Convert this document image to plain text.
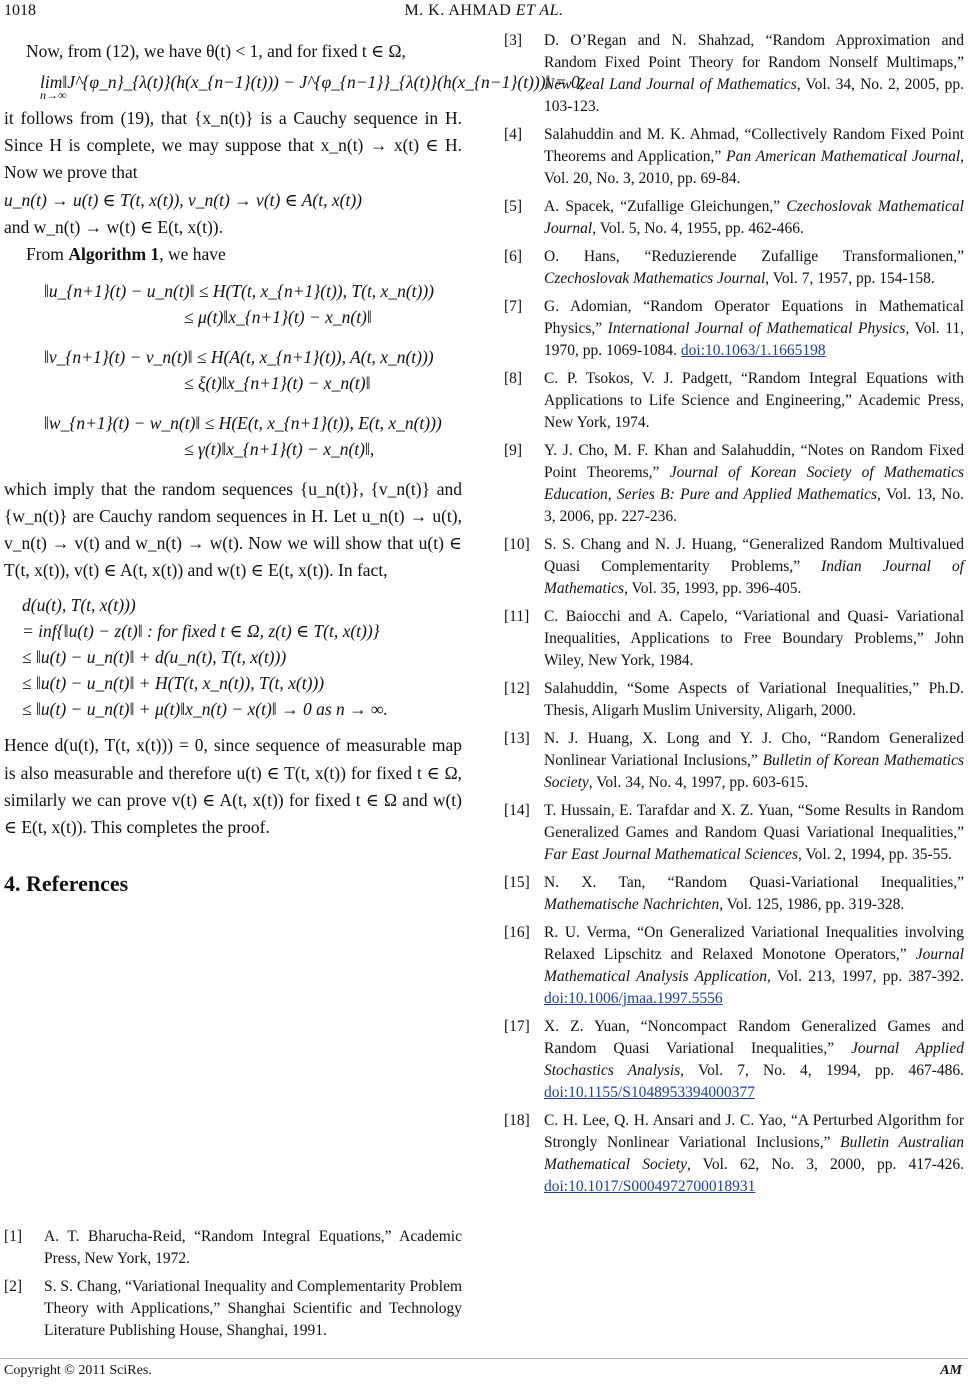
1018	M. K. AHMAD ET AL.

Now, from (12), we have θ(t) < 1, and for fixed t ∈ Ω,

lim‖J^{φ_n}_{λ(t)}(h(x_{n−1}(t))) − J^{φ_{n−1}}_{λ(t)}(h(x_{n−1}(t)))‖ = 0,
n→∞

it follows from (19), that {x_n(t)} is a Cauchy sequence in H. Since H is complete, we may suppose that x_n(t) → x(t) ∈ H. Now we prove that

u_n(t) → u(t) ∈ T(t, x(t)), v_n(t) → v(t) ∈ A(t, x(t))

and w_n(t) → w(t) ∈ E(t, x(t)).

From Algorithm 1, we have

‖u_{n+1}(t) − u_n(t)‖ ≤ H(T(t, x_{n+1}(t)), T(t, x_n(t)))
≤ μ(t)‖x_{n+1}(t) − x_n(t)‖
‖v_{n+1}(t) − v_n(t)‖ ≤ H(A(t, x_{n+1}(t)), A(t, x_n(t)))
≤ ξ(t)‖x_{n+1}(t) − x_n(t)‖
‖w_{n+1}(t) − w_n(t)‖ ≤ H(E(t, x_{n+1}(t)), E(t, x_n(t)))
≤ γ(t)‖x_{n+1}(t) − x_n(t)‖,

which imply that the random sequences {u_n(t)}, {v_n(t)} and {w_n(t)} are Cauchy random sequences in H. Let u_n(t) → u(t), v_n(t) → v(t) and w_n(t) → w(t). Now we will show that u(t) ∈ T(t, x(t)), v(t) ∈ A(t, x(t)) and w(t) ∈ E(t, x(t)). In fact,

d(u(t), T(t, x(t)))
= inf{‖u(t) − z(t)‖ : for fixed t ∈ Ω, z(t) ∈ T(t, x(t))}
≤ ‖u(t) − u_n(t)‖ + d(u_n(t), T(t, x(t)))
≤ ‖u(t) − u_n(t)‖ + H(T(t, x_n(t)), T(t, x(t)))
≤ ‖u(t) − u_n(t)‖ + μ(t)‖x_n(t) − x(t)‖ → 0 as n → ∞.

Hence d(u(t), T(t, x(t))) = 0, since sequence of measurable map is also measurable and therefore u(t) ∈ T(t, x(t)) for fixed t ∈ Ω, similarly we can prove v(t) ∈ A(t, x(t)) for fixed t ∈ Ω and w(t) ∈ E(t, x(t)). This completes the proof.

4. References
[1] A. T. Bharucha-Reid, “Random Integral Equations,” Academic Press, New York, 1972.
[2] S. S. Chang, “Variational Inequality and Complementarity Problem Theory with Applications,” Shanghai Scientific and Technology Literature Publishing House, Shanghai, 1991.
[3] D. O’Regan and N. Shahzad, “Random Approximation and Random Fixed Point Theory for Random Nonself Multimaps,” New Zeal Land Journal of Mathematics, Vol. 34, No. 2, 2005, pp. 103-123.
[4] Salahuddin and M. K. Ahmad, “Collectively Random Fixed Point Theorems and Application,” Pan American Mathematical Journal, Vol. 20, No. 3, 2010, pp. 69-84.
[5] A. Spacek, “Zufallige Gleichungen,” Czechoslovak Mathematical Journal, Vol. 5, No. 4, 1955, pp. 462-466.
[6] O. Hans, “Reduzierende Zufallige Transformalionen,” Czechoslovak Mathematics Journal, Vol. 7, 1957, pp. 154-158.
[7] G. Adomian, “Random Operator Equations in Mathematical Physics,” International Journal of Mathematical Physics, Vol. 11, 1970, pp. 1069-1084. doi:10.1063/1.1665198
[8] C. P. Tsokos, V. J. Padgett, “Random Integral Equations with Applications to Life Science and Engineering,” Academic Press, New York, 1974.
[9] Y. J. Cho, M. F. Khan and Salahuddin, “Notes on Random Fixed Point Theorems,” Journal of Korean Society of Mathematics Education, Series B: Pure and Applied Mathematics, Vol. 13, No. 3, 2006, pp. 227-236.
[10] S. S. Chang and N. J. Huang, “Generalized Random Multivalued Quasi Complementarity Problems,” Indian Journal of Mathematics, Vol. 35, 1993, pp. 396-405.
[11] C. Baiocchi and A. Capelo, “Variational and Quasi- Variational Inequalities, Applications to Free Boundary Problems,” John Wiley, New York, 1984.
[12] Salahuddin, “Some Aspects of Variational Inequalities,” Ph.D. Thesis, Aligarh Muslim University, Aligarh, 2000.
[13] N. J. Huang, X. Long and Y. J. Cho, “Random Generalized Nonlinear Variational Inclusions,” Bulletin of Korean Mathematics Society, Vol. 34, No. 4, 1997, pp. 603-615.
[14] T. Hussain, E. Tarafdar and X. Z. Yuan, “Some Results in Random Generalized Games and Random Quasi Variational Inequalities,” Far East Journal Mathematical Sciences, Vol. 2, 1994, pp. 35-55.
[15] N. X. Tan, “Random Quasi-Variational Inequalities,” Mathematische Nachrichten, Vol. 125, 1986, pp. 319-328.
[16] R. U. Verma, “On Generalized Variational Inequalities involving Relaxed Lipschitz and Relaxed Monotone Operators,” Journal Mathematical Analysis Application, Vol. 213, 1997, pp. 387-392. doi:10.1006/jmaa.1997.5556
[17] X. Z. Yuan, “Noncompact Random Generalized Games and Random Quasi Variational Inequalities,” Journal Applied Stochastics Analysis, Vol. 7, No. 4, 1994, pp. 467-486. doi:10.1155/S1048953394000377
[18] C. H. Lee, Q. H. Ansari and J. C. Yao, “A Perturbed Algorithm for Strongly Nonlinear Variational Inclusions,” Bulletin Australian Mathematical Society, Vol. 62, No. 3, 2000, pp. 417-426. doi:10.1017/S0004972700018931
Copyright © 2011 SciRes.	AM
